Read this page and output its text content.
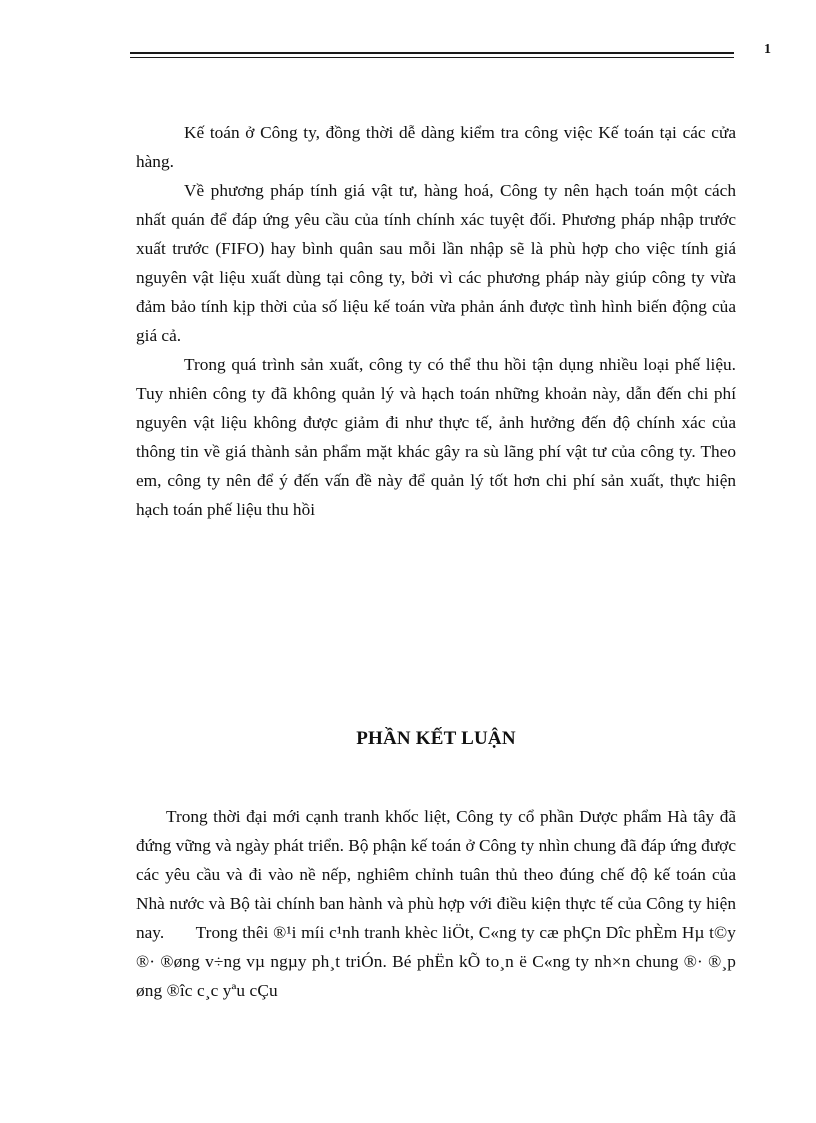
1

Kế toán ở Công ty, đồng thời dễ dàng kiểm tra công việc Kế toán tại các cửa hàng.

Về phương pháp tính giá vật tư, hàng hoá, Công ty nên hạch toán một cách nhất quán để đáp ứng yêu cầu của tính chính xác tuyệt đối. Phương pháp nhập trước xuất trước (FIFO) hay bình quân sau mỗi lần nhập sẽ là phù hợp cho việc tính giá nguyên vật liệu xuất dùng tại công ty, bởi vì các phương pháp này giúp công ty vừa đảm bảo tính kịp thời của số liệu kế toán vừa phản ánh được tình hình biến động của giá cả.

Trong quá trình sản xuất, công ty có thể thu hồi tận dụng nhiều loại phế liệu. Tuy nhiên công ty đã không quản lý và hạch toán những khoản này, dẫn đến chi phí nguyên vật liệu không được giảm đi như thực tế, ảnh hưởng đến độ chính xác của thông tin về giá thành sản phẩm mặt khác gây ra sù lãng phí vật tư của công ty. Theo em, công ty nên để ý đến vấn đề này để quản lý tốt hơn chi phí sản xuất, thực hiện hạch toán phế liệu thu hồi

PHẦN KẾT LUẬN

Trong thời đại mới cạnh tranh khốc liệt, Công ty cổ phần Dược phẩm Hà tây đã đứng vững và ngày phát triển. Bộ phận kế toán ở Công ty nhìn chung đã đáp ứng được các yêu cầu và đi vào nề nếp, nghiêm chỉnh tuân thủ theo đúng chế độ kế toán của Nhà nước và Bộ tài chính ban hành và phù hợp với điều kiện thực tế của Công ty hiện nay. Trong thêi ®¹i míi c¹nh tranh khèc liÖt, C«ng ty cæ phÇn Dîc phÈm Hµ t©y ®· ®øng v÷ng vµ ngµy ph¸t triÓn. Bé phËn kÕ to¸n ë C«ng ty nh×n chung ®· ®¸p øng ®îc c¸c yªu cÇu
